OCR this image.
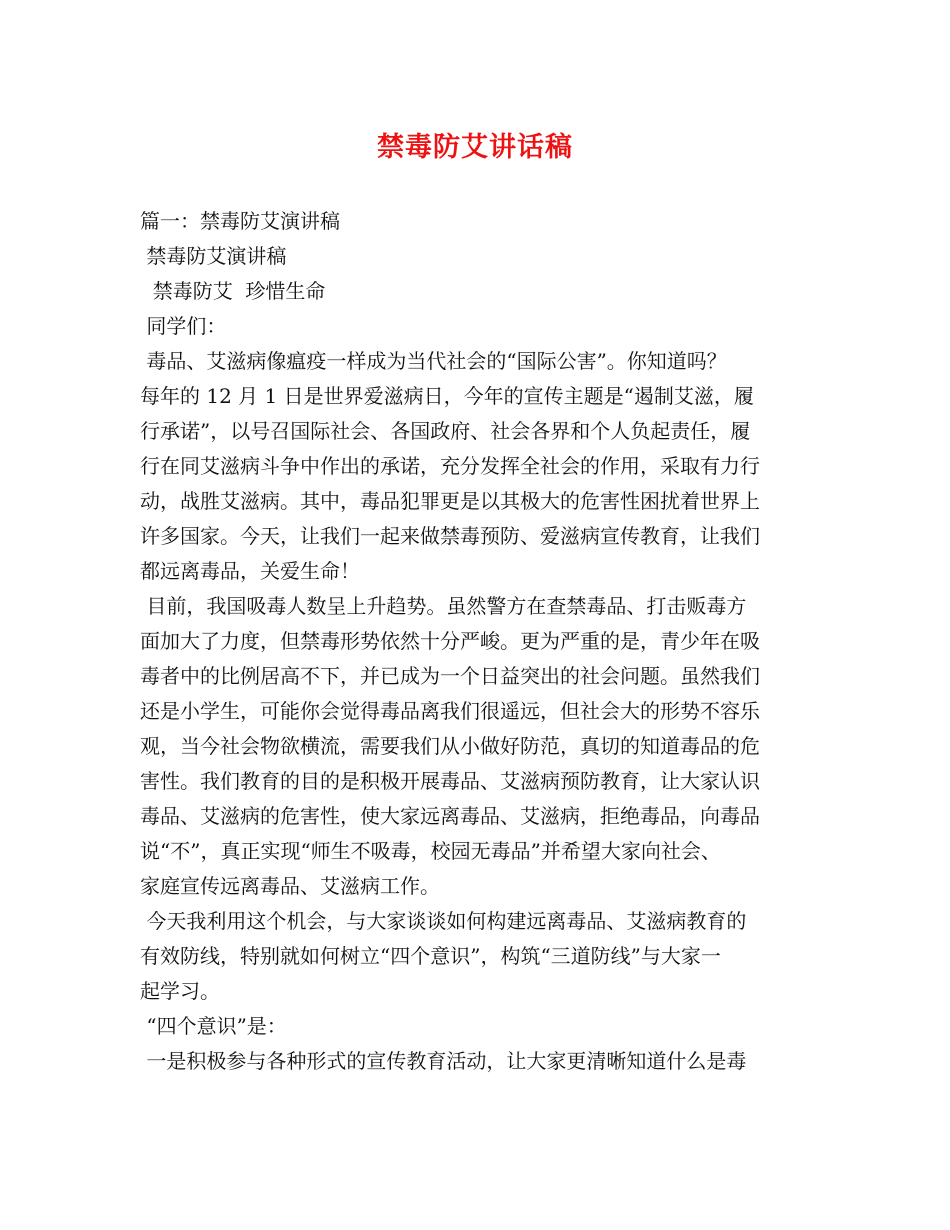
禁毒防艾讲话稿
篇一：禁毒防艾演讲稿
禁毒防艾演讲稿
禁毒防艾  珍惜生命
同学们：
毒品、艾滋病像瘟疫一样成为当代社会的“国际公害”。你知道吗？
每年的 12 月 1 日是世界爱滋病日，今年的宣传主题是“遏制艾滋，履
行承诺”，以号召国际社会、各国政府、社会各界和个人负起责任，履
行在同艾滋病斗争中作出的承诺，充分发挥全社会的作用，采取有力行
动，战胜艾滋病。其中，毒品犯罪更是以其极大的危害性困扰着世界上
许多国家。今天，让我们一起来做禁毒预防、爱滋病宣传教育，让我们
都远离毒品，关爱生命！
目前，我国吸毒人数呈上升趋势。虽然警方在查禁毒品、打击贩毒方
面加大了力度，但禁毒形势依然十分严峻。更为严重的是，青少年在吸
毒者中的比例居高不下，并已成为一个日益突出的社会问题。虽然我们
还是小学生，可能你会觉得毒品离我们很遥远，但社会大的形势不容乐
观，当今社会物欲横流，需要我们从小做好防范，真切的知道毒品的危
害性。我们教育的目的是积极开展毒品、艾滋病预防教育，让大家认识
毒品、艾滋病的危害性，使大家远离毒品、艾滋病，拒绝毒品，向毒品
说“不”，真正实现“师生不吸毒，校园无毒品”并希望大家向社会、
家庭宣传远离毒品、艾滋病工作。
今天我利用这个机会，与大家谈谈如何构建远离毒品、艾滋病教育的
有效防线，特别就如何树立“四个意识”，构筑“三道防线”与大家一
起学习。
“四个意识”是：
一是积极参与各种形式的宣传教育活动，让大家更清晰知道什么是毒
